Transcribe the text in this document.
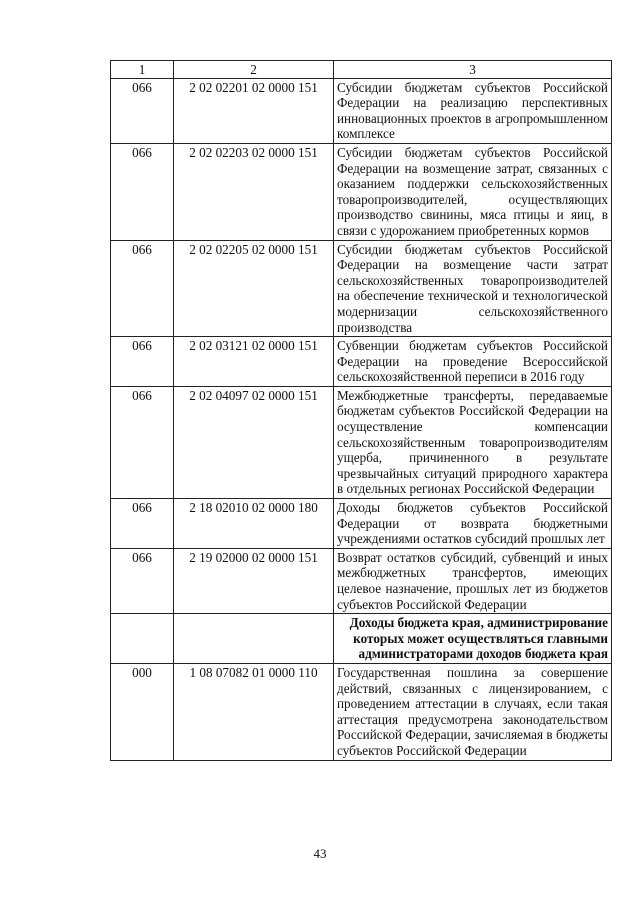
1	2	3
066	2 02 02201 02 0000 151	Субсидии бюджетам субъектов Российской Федерации на реализацию перспективных инновационных проектов в агропромышленном комплексе
066	2 02 02203 02 0000 151	Субсидии бюджетам субъектов Российской Федерации на возмещение затрат, связанных с оказанием поддержки сельскохозяйственных товаропроизводителей, осуществляющих производство свинины, мяса птицы и яиц, в связи с удорожанием приобретенных кормов
066	2 02 02205 02 0000 151	Субсидии бюджетам субъектов Российской Федерации на возмещение части затрат сельскохозяйственных товаропроизводителей на обеспечение технической и технологической модернизации сельскохозяйственного производства
066	2 02 03121 02 0000 151	Субвенции бюджетам субъектов Российской Федерации на проведение Всероссийской сельскохозяйственной переписи в 2016 году
066	2 02 04097 02 0000 151	Межбюджетные трансферты, передаваемые бюджетам субъектов Российской Федерации на осуществление компенсации сельскохозяйственным товаропроизводителям ущерба, причиненного в результате чрезвычайных ситуаций природного характера в отдельных регионах Российской Федерации
066	2 18 02010 02 0000 180	Доходы бюджетов субъектов Российской Федерации от возврата бюджетными учреждениями остатков субсидий прошлых лет
066	2 19 02000 02 0000 151	Возврат остатков субсидий, субвенций и иных межбюджетных трансфертов, имеющих целевое назначение, прошлых лет из бюджетов субъектов Российской Федерации
		Доходы бюджета края, администрирование которых может осуществляться главными администраторами доходов бюджета края
000	1 08 07082 01 0000 110	Государственная пошлина за совершение действий, связанных с лицензированием, с проведением аттестации в случаях, если такая аттестация предусмотрена законодательством Российской Федерации, зачисляемая в бюджеты субъектов Российской Федерации
43
